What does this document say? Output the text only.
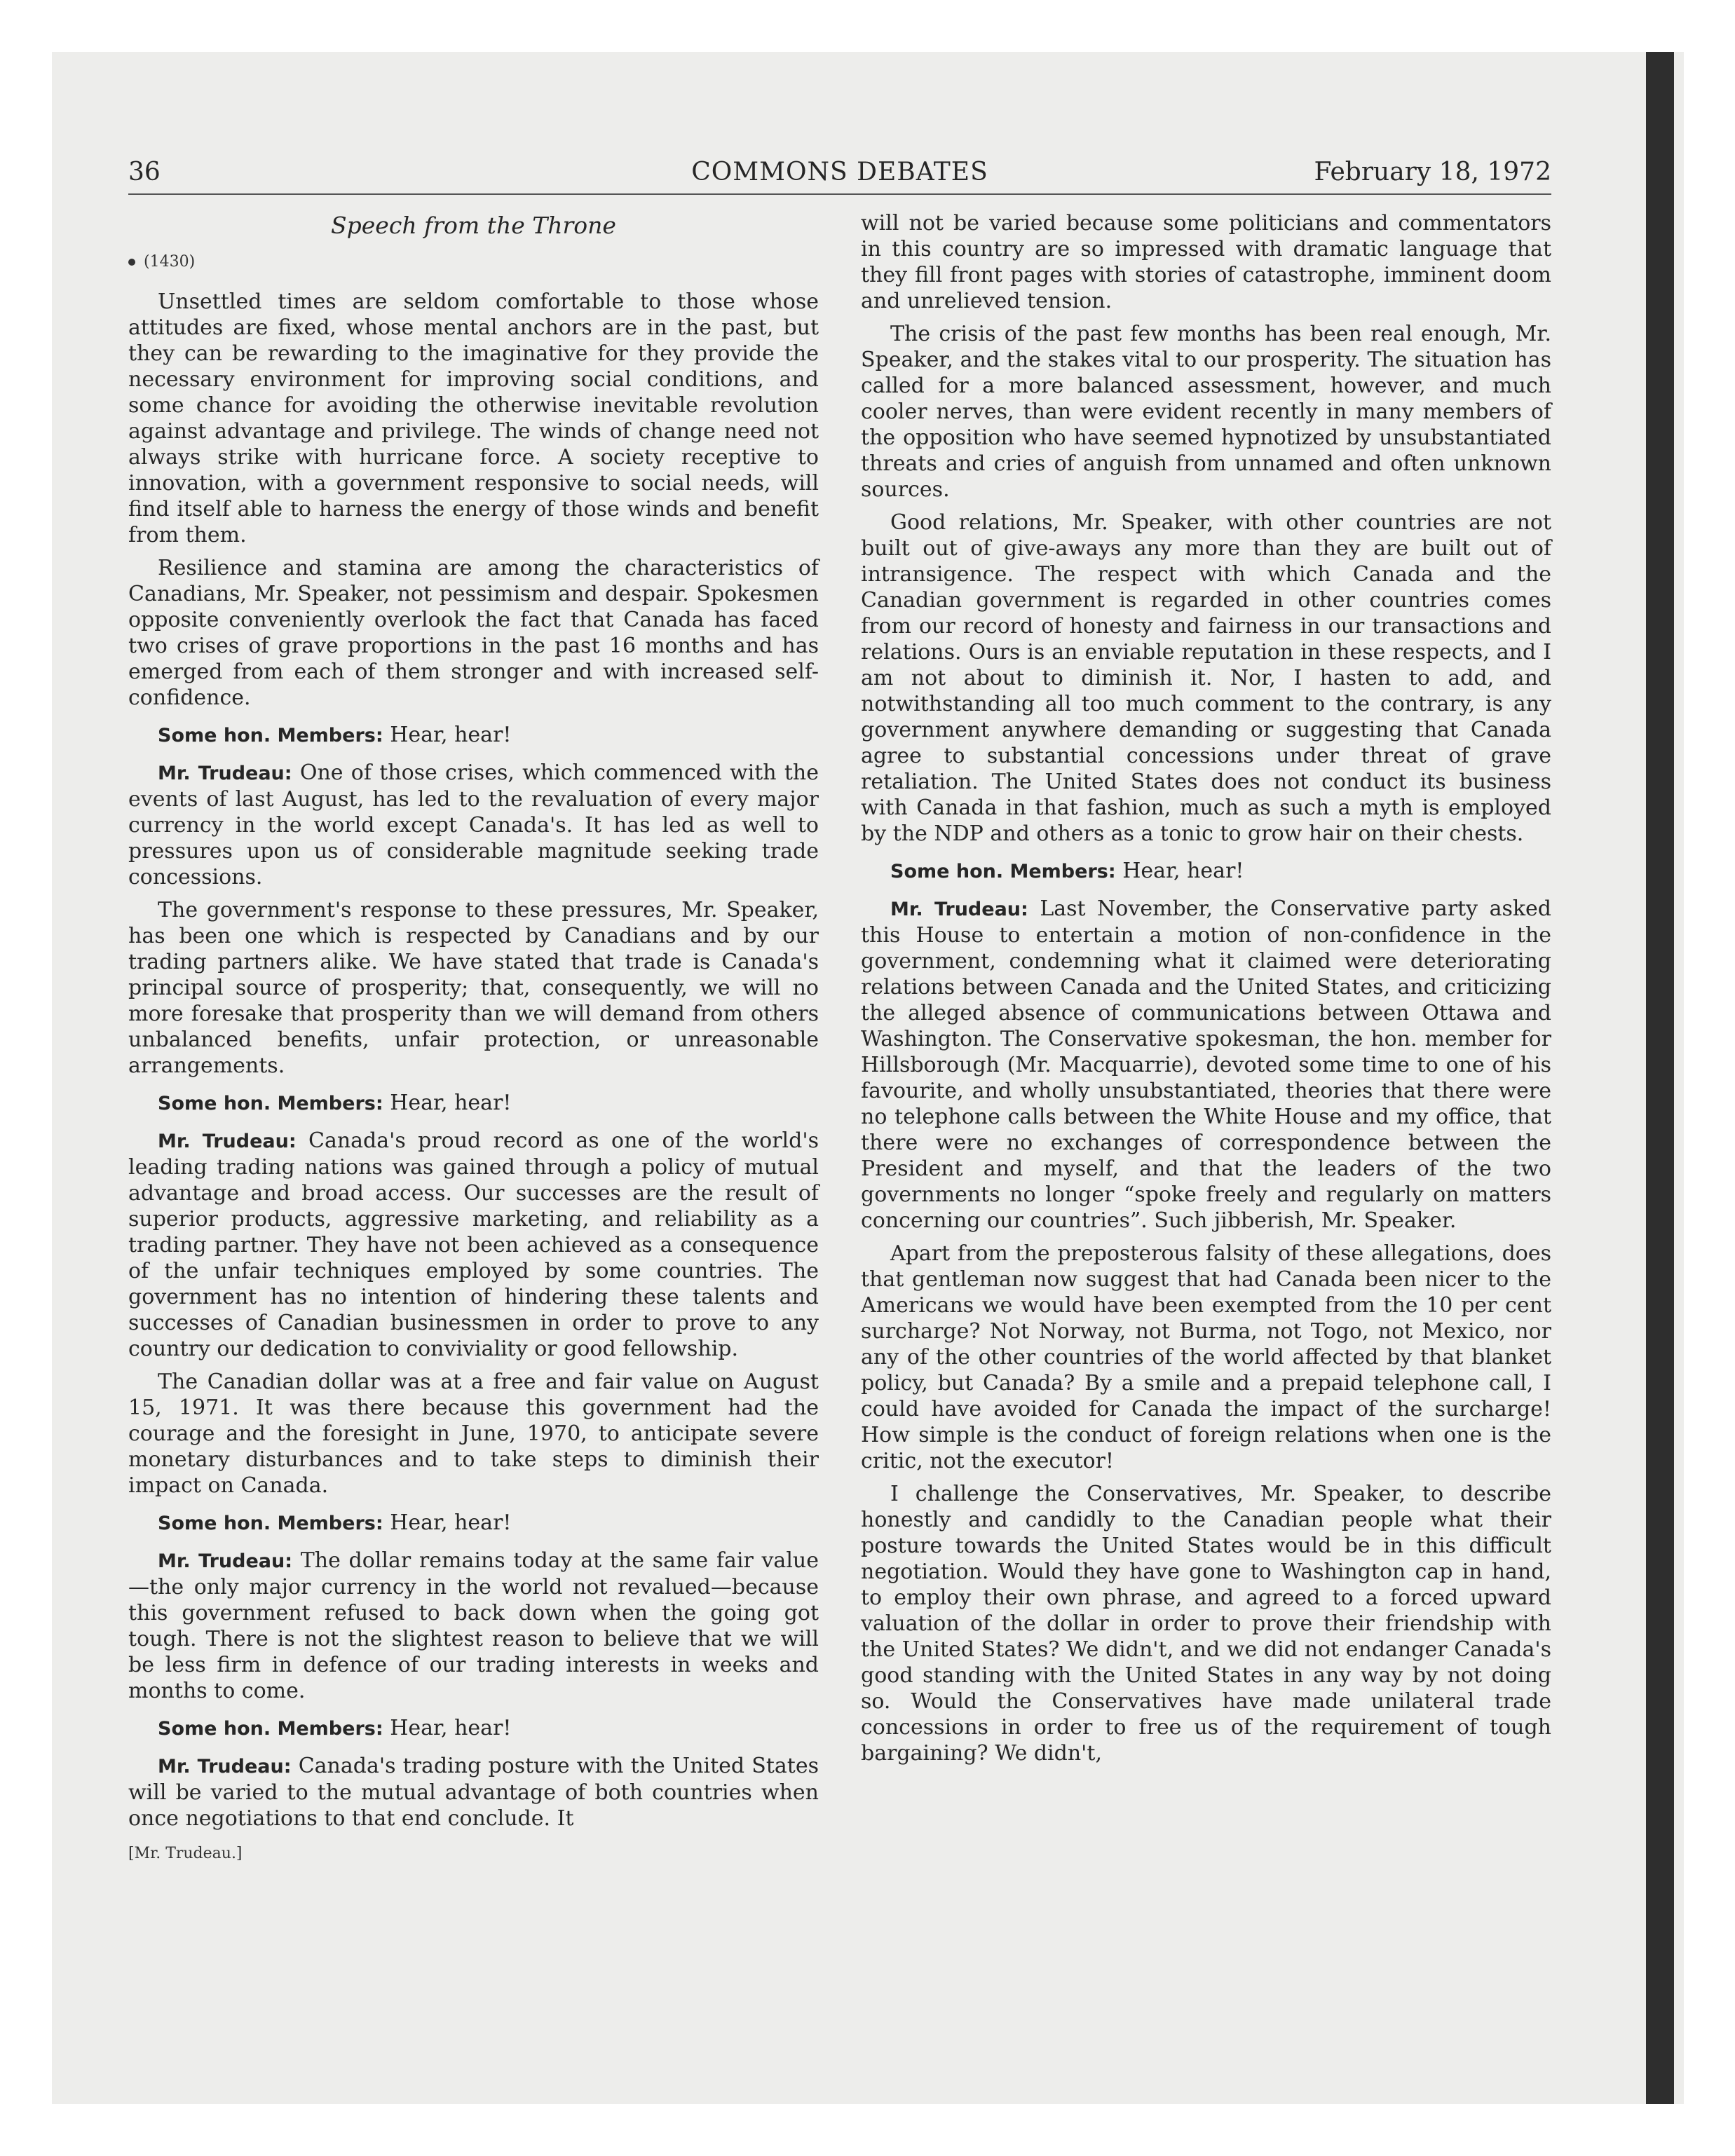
36	COMMONS DEBATES	February 18, 1972
Speech from the Throne
(1430)

Unsettled times are seldom comfortable to those whose attitudes are fixed, whose mental anchors are in the past, but they can be rewarding to the imaginative for they provide the necessary environment for improving social conditions, and some chance for avoiding the otherwise inevitable revolution against advantage and privilege. The winds of change need not always strike with hurricane force. A society receptive to innovation, with a government responsive to social needs, will find itself able to harness the energy of those winds and benefit from them.

Resilience and stamina are among the characteristics of Canadians, Mr. Speaker, not pessimism and despair. Spokesmen opposite conveniently overlook the fact that Canada has faced two crises of grave proportions in the past 16 months and has emerged from each of them stronger and with increased self-confidence.

Some hon. Members: Hear, hear!

Mr. Trudeau: One of those crises, which commenced with the events of last August, has led to the revaluation of every major currency in the world except Canada's. It has led as well to pressures upon us of considerable magnitude seeking trade concessions.

The government's response to these pressures, Mr. Speaker, has been one which is respected by Canadians and by our trading partners alike. We have stated that trade is Canada's principal source of prosperity; that, consequently, we will no more foresake that prosperity than we will demand from others unbalanced benefits, unfair protection, or unreasonable arrangements.

Some hon. Members: Hear, hear!

Mr. Trudeau: Canada's proud record as one of the world's leading trading nations was gained through a policy of mutual advantage and broad access. Our successes are the result of superior products, aggressive marketing, and reliability as a trading partner. They have not been achieved as a consequence of the unfair techniques employed by some countries. The government has no intention of hindering these talents and successes of Canadian businessmen in order to prove to any country our dedication to conviviality or good fellowship.

The Canadian dollar was at a free and fair value on August 15, 1971. It was there because this government had the courage and the foresight in June, 1970, to anticipate severe monetary disturbances and to take steps to diminish their impact on Canada.

Some hon. Members: Hear, hear!

Mr. Trudeau: The dollar remains today at the same fair value—the only major currency in the world not revalued—because this government refused to back down when the going got tough. There is not the slightest reason to believe that we will be less firm in defence of our trading interests in weeks and months to come.

Some hon. Members: Hear, hear!

Mr. Trudeau: Canada's trading posture with the United States will be varied to the mutual advantage of both countries when once negotiations to that end conclude. It

[Mr. Trudeau.]

will not be varied because some politicians and commentators in this country are so impressed with dramatic language that they fill front pages with stories of catastrophe, imminent doom and unrelieved tension.

The crisis of the past few months has been real enough, Mr. Speaker, and the stakes vital to our prosperity. The situation has called for a more balanced assessment, however, and much cooler nerves, than were evident recently in many members of the opposition who have seemed hypnotized by unsubstantiated threats and cries of anguish from unnamed and often unknown sources.

Good relations, Mr. Speaker, with other countries are not built out of give-aways any more than they are built out of intransigence. The respect with which Canada and the Canadian government is regarded in other countries comes from our record of honesty and fairness in our transactions and relations. Ours is an enviable reputation in these respects, and I am not about to diminish it. Nor, I hasten to add, and notwithstanding all too much comment to the contrary, is any government anywhere demanding or suggesting that Canada agree to substantial concessions under threat of grave retaliation. The United States does not conduct its business with Canada in that fashion, much as such a myth is employed by the NDP and others as a tonic to grow hair on their chests.

Some hon. Members: Hear, hear!

Mr. Trudeau: Last November, the Conservative party asked this House to entertain a motion of non-confidence in the government, condemning what it claimed were deteriorating relations between Canada and the United States, and criticizing the alleged absence of communications between Ottawa and Washington. The Conservative spokesman, the hon. member for Hillsborough (Mr. Macquarrie), devoted some time to one of his favourite, and wholly unsubstantiated, theories that there were no telephone calls between the White House and my office, that there were no exchanges of correspondence between the President and myself, and that the leaders of the two governments no longer “spoke freely and regularly on matters concerning our countries”. Such jibberish, Mr. Speaker.

Apart from the preposterous falsity of these allegations, does that gentleman now suggest that had Canada been nicer to the Americans we would have been exempted from the 10 per cent surcharge? Not Norway, not Burma, not Togo, not Mexico, nor any of the other countries of the world affected by that blanket policy, but Canada? By a smile and a prepaid telephone call, I could have avoided for Canada the impact of the surcharge! How simple is the conduct of foreign relations when one is the critic, not the executor!

I challenge the Conservatives, Mr. Speaker, to describe honestly and candidly to the Canadian people what their posture towards the United States would be in this difficult negotiation. Would they have gone to Washington cap in hand, to employ their own phrase, and agreed to a forced upward valuation of the dollar in order to prove their friendship with the United States? We didn't, and we did not endanger Canada's good standing with the United States in any way by not doing so. Would the Conservatives have made unilateral trade concessions in order to free us of the requirement of tough bargaining? We didn't,
